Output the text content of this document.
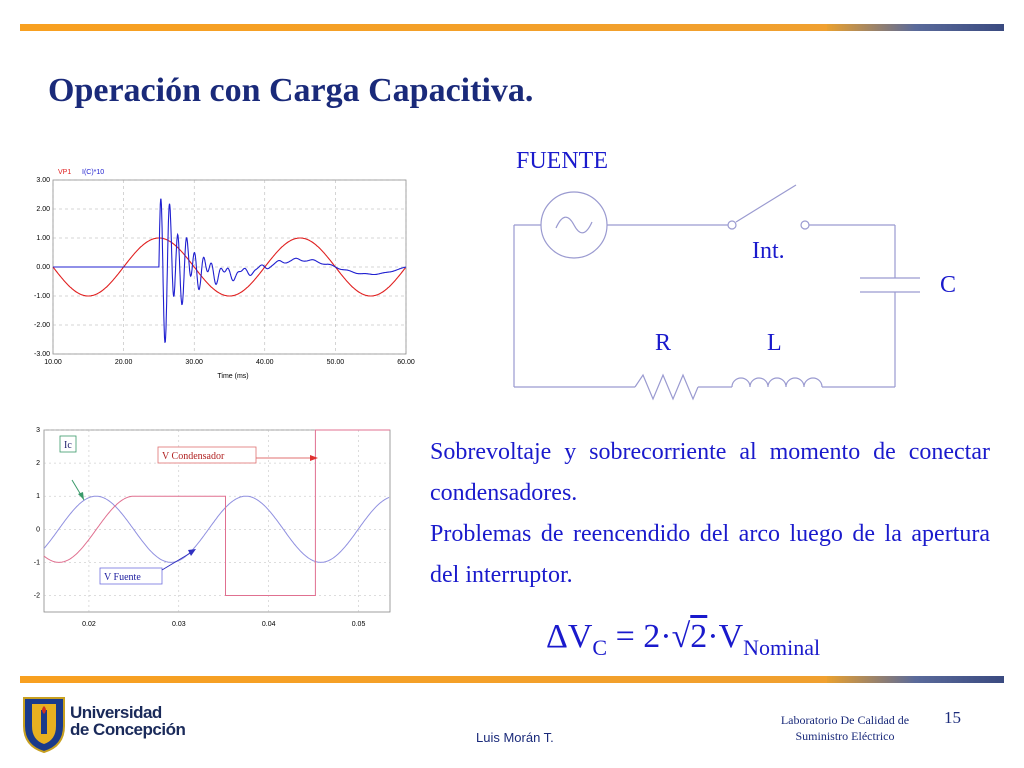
Operación con Carga Capacitiva.
3.00
2.00
1.00
0.00
-1.00
-2.00
-3.00
10.00	20.00	30.00	40.00	50.00	60.00
VP1 I(C)*10
Time (ms)
3
2
1
0
-1
-2
0.02	0.03	0.04	0.05
Ic
V Condensador
V Fuente
FUENTE
Int.
C
R	L

Sobrevoltaje y sobrecorriente al momento de conectar condensadores.

Problemas de reencendido del arco luego de la apertura del interruptor.

$\Delta V_C = 2\cdot√2\cdot V_{Nominal}$
Universidad
de Concepción	Luis Morán T.
Laboratorio De Calidad de
Suministro Eléctrico
15
